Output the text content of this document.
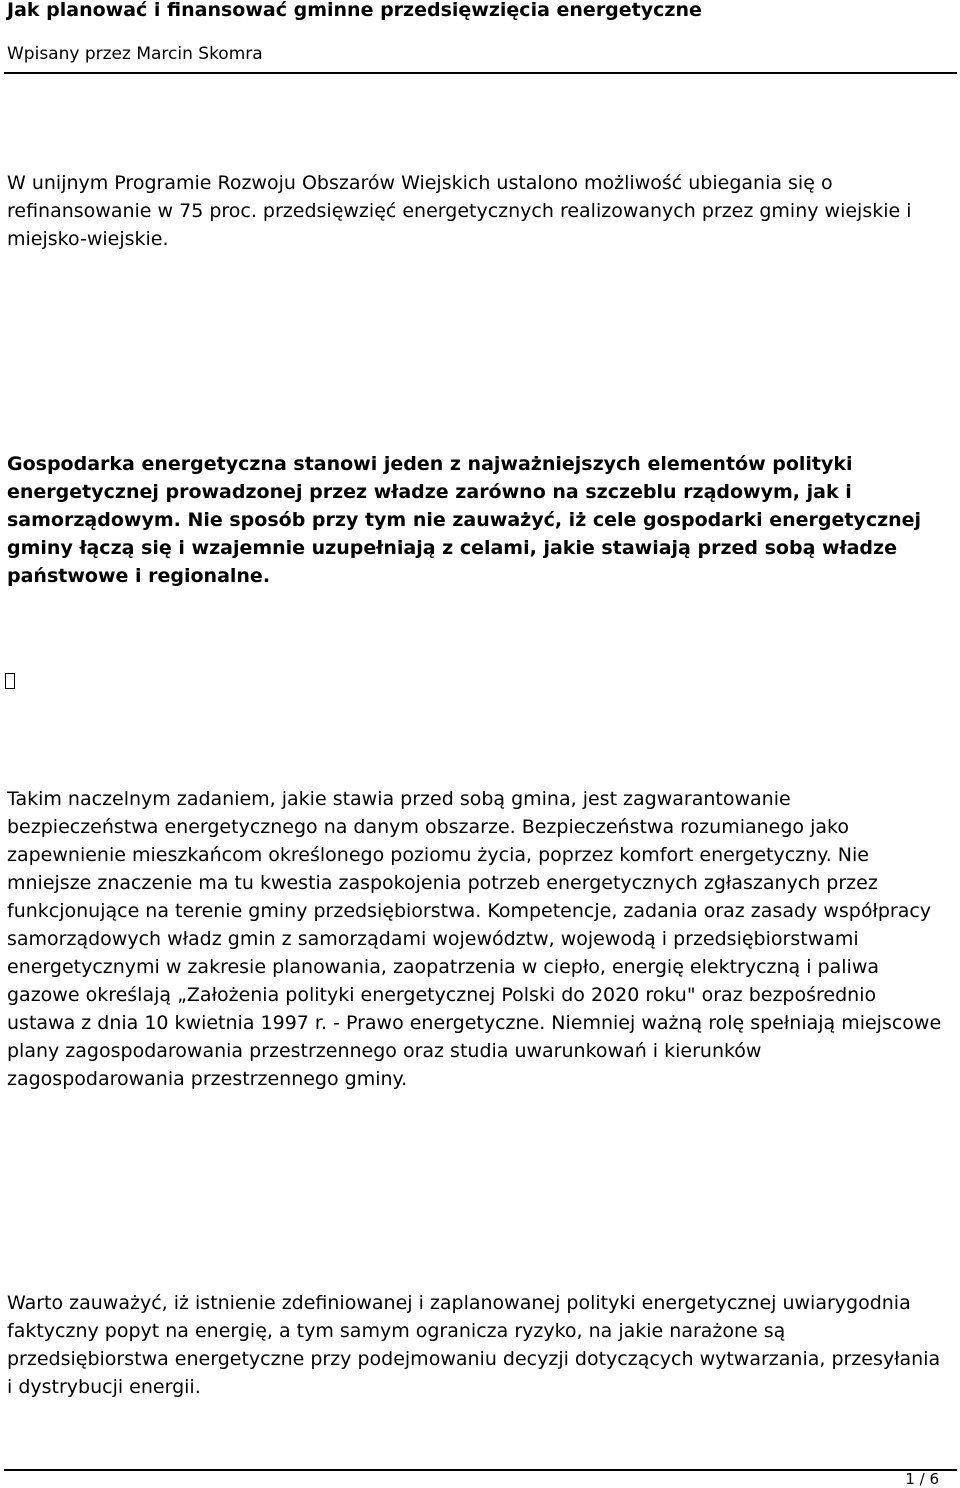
Jak planować i finansować gminne przedsięwzięcia energetyczne
Wpisany przez Marcin Skomra

W unijnym Programie Rozwoju Obszarów Wiejskich ustalono możliwość ubiegania się o refinansowanie w 75 proc. przedsięwzięć energetycznych realizowanych przez gminy wiejskie i miejsko-wiejskie.

Gospodarka energetyczna stanowi jeden z najważniejszych elementów polityki energetycznej prowadzonej przez władze zarówno na szczeblu rządowym, jak i samorządowym. Nie sposób przy tym nie zauważyć, iż cele gospodarki energetycznej gminy łączą się i wzajemnie uzupełniają z celami, jakie stawiają przed sobą władze państwowe i regionalne.

Takim naczelnym zadaniem, jakie stawia przed sobą gmina, jest zagwarantowanie bezpieczeństwa energetycznego na danym obszarze. Bezpieczeństwa rozumianego jako zapewnienie mieszkańcom określonego poziomu życia, poprzez komfort energetyczny. Nie mniejsze znaczenie ma tu kwestia zaspokojenia potrzeb energetycznych zgłaszanych przez funkcjonujące na terenie gminy przedsiębiorstwa. Kompetencje, zadania oraz zasady współpracy samorządowych władz gmin z samorządami województw, wojewodą i przedsiębiorstwami energetycznymi w zakresie planowania, zaopatrzenia w ciepło, energię elektryczną i paliwa gazowe określają „Założenia polityki energetycznej Polski do 2020 roku" oraz bezpośrednio ustawa z dnia 10 kwietnia 1997 r. - Prawo energetyczne. Niemniej ważną rolę spełniają miejscowe plany zagospodarowania przestrzennego oraz studia uwarunkowań i kierunków zagospodarowania przestrzennego gminy.

Warto zauważyć, iż istnienie zdefiniowanej i zaplanowanej polityki energetycznej uwiarygodnia faktyczny popyt na energię, a tym samym ogranicza ryzyko, na jakie narażone są przedsiębiorstwa energetyczne przy podejmowaniu decyzji dotyczących wytwarzania, przesyłania i dystrybucji energii.

1 / 6
